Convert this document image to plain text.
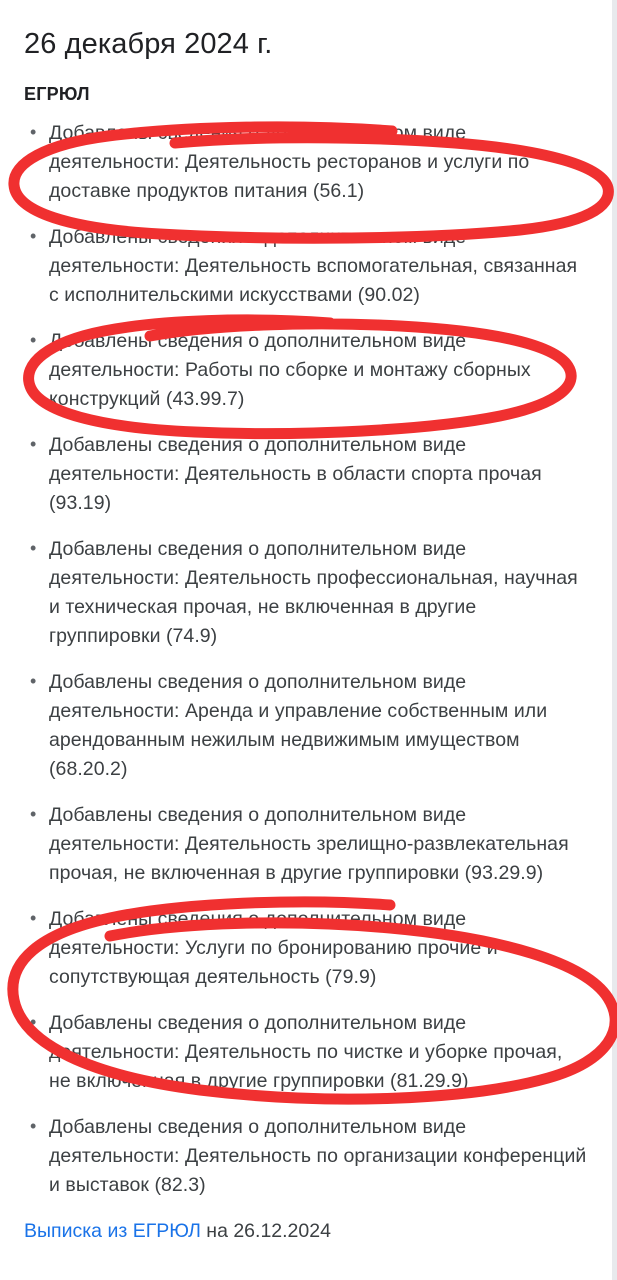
26 декабря 2024 г.
ЕГРЮЛ
• Добавлены сведения о дополнительном виде деятельности: Деятельность ресторанов и услуги по доставке продуктов питания (56.1)
• Добавлены сведения о дополнительном виде деятельности: Деятельность вспомогательная, связанная с исполнительскими искусствами (90.02)
• Добавлены сведения о дополнительном виде деятельности: Работы по сборке и монтажу сборных конструкций (43.99.7)
• Добавлены сведения о дополнительном виде деятельности: Деятельность в области спорта прочая (93.19)
• Добавлены сведения о дополнительном виде деятельности: Деятельность профессиональная, научная и техническая прочая, не включенная в другие группировки (74.9)
• Добавлены сведения о дополнительном виде деятельности: Аренда и управление собственным или арендованным нежилым недвижимым имуществом (68.20.2)
• Добавлены сведения о дополнительном виде деятельности: Деятельность зрелищно-развлекательная прочая, не включенная в другие группировки (93.29.9)
• Добавлены сведения о дополнительном виде деятельности: Услуги по бронированию прочие и сопутствующая деятельность (79.9)
• Добавлены сведения о дополнительном виде деятельности: Деятельность по чистке и уборке прочая, не включенная в другие группировки (81.29.9)
• Добавлены сведения о дополнительном виде деятельности: Деятельность по организации конференций и выставок (82.3)
Выписка из ЕГРЮЛ на 26.12.2024
